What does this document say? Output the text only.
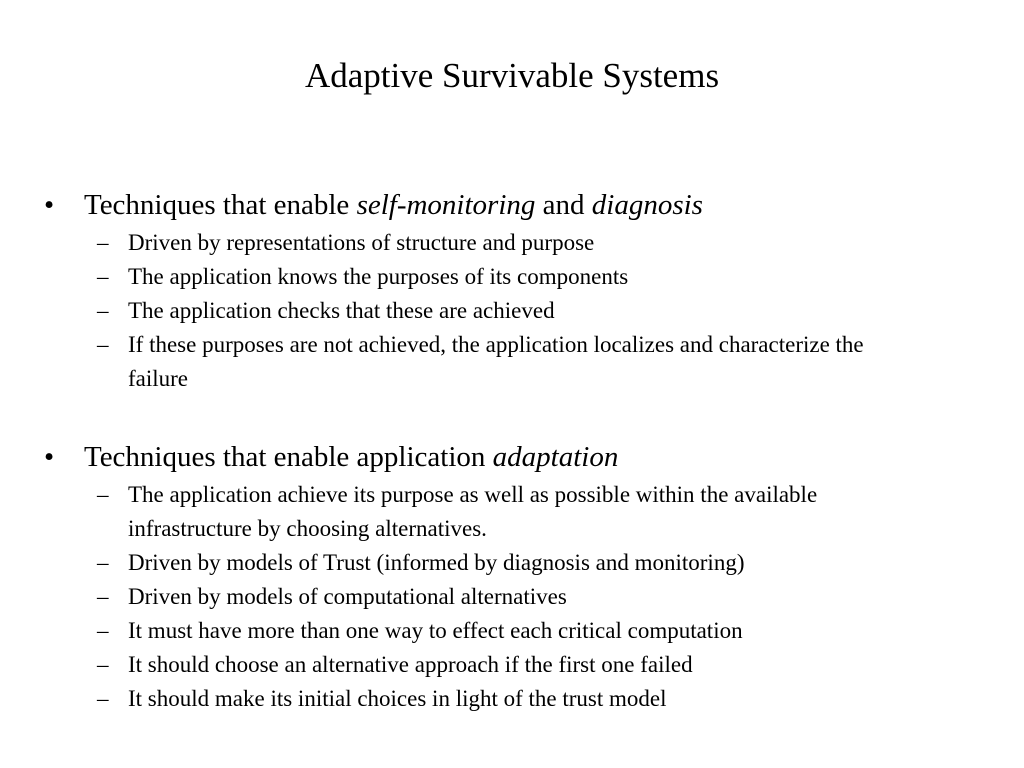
Adaptive Survivable Systems
•	Techniques that enable self-monitoring and diagnosis
– Driven by representations of structure and purpose
– The application knows the purposes of its components
– The application checks that these are achieved
– If these purposes are not achieved, the application localizes and characterize the failure
•	Techniques that enable application adaptation
– The application achieve its purpose as well as possible within the available infrastructure by choosing alternatives.
– Driven by models of Trust (informed by diagnosis and monitoring)
– Driven by models of computational alternatives
– It must have more than one way to effect each critical computation
– It should choose an alternative approach if the first one failed
– It should make its initial choices in light of the trust model
